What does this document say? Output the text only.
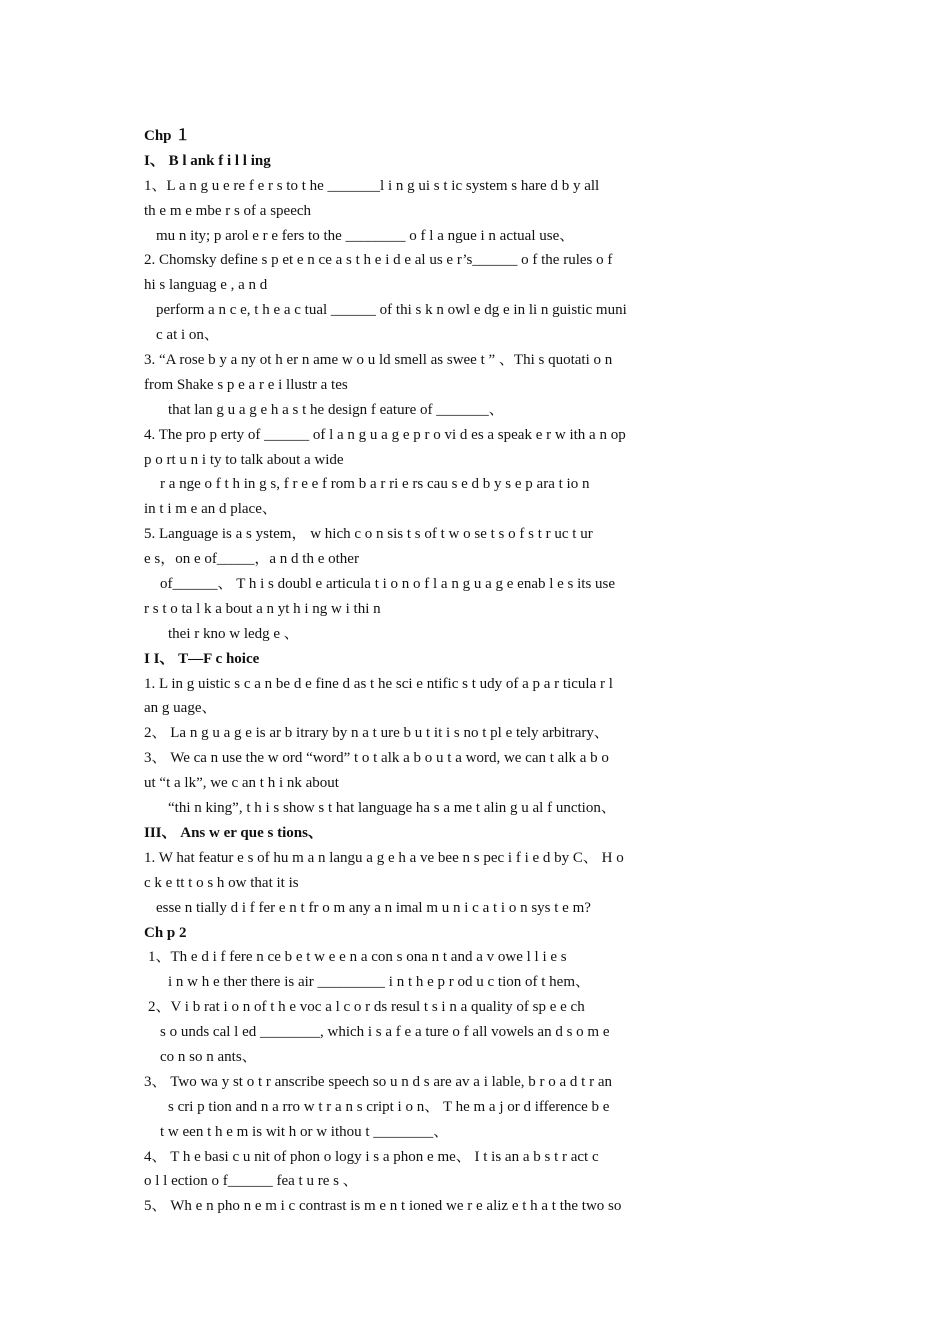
Chp １
I、 B l ank f i l l ing
1、L a n g u e re f e r s to t he _______l i n g ui s t ic system s hare d b y all
th e m e mbe r s of a speech
mu n ity; p arol e r e fers to the ________ o f l a ngue i n actual use、
2. Chomsky define s p et e n ce a s t h e i d e al us e r’s______ o f the rules o f
hi s languag e , a n d
perform a n c e, t h e a c tual ______ of thi s k n owl e dg e in li n guistic muni
c at i on、
3. “A rose b y a ny ot h er n ame w o u ld smell as swee t ” 、Thi s quotati o n
from Shake s p e a r e i llustr a tes
that lan g u a g e h a s t he design f eature of _______、
4. The pro p erty of ______ of l a n g u a g e p r o vi d es a speak e r w ith a n op
p o rt u n i ty to talk about a wide
r a nge o f t h in g s, f r e e f rom b a r ri e rs cau s e d b y s e p ara t io n
in t i m e an d place、
5. Language is a s ystem， w hich c o n sis t s of t w o se t s o f s t r uc t ur
e s，on e of_____，a n d th e other
of______、 T h i s doubl e articula t i o n o f l a n g u a g e enab l e s its use
r s t o ta l k a bout a n yt h i ng w i thi n
thei r kno w ledg e 、
I I、 T—F c hoice
1. L in g uistic s c a n be d e fine d as t he sci e ntific s t udy of a p a r ticula r l
an g uage、
2、 La n g u a g e is ar b itrary by n a t ure b u t it i s no t pl e tely arbitrary、
3、 We ca n use the w ord “word” t o t alk a b o u t a word, we can t alk a b o
ut “t a lk”, we c an t h i nk about
“thi n king”, t h i s show s t hat language ha s a me t alin g u al f unction、
III、 Ans w er que s tions、
1. W hat featur e s of hu m a n langu a g e h a ve bee n s pec i f i e d by C、 H o
c k e tt t o s h ow that it is
esse n tially d i f fer e n t fr o m any a n imal m u n i c a t i o n sys t e m?
Ch p 2
1、Th e d i f fere n ce b e t w e e n a con s ona n t and a v owe l l i e s
i n w h e ther there is air _________ i n t h e p r od u c tion of t hem、
2、V i b rat i o n of t h e voc a l c o r ds resul t s i n a quality of sp e e ch
s o unds cal l ed ________, which i s a f e a ture o f all vowels an d s o m e
co n so n ants、
3、 Two wa y st o t r anscribe speech so u n d s are av a i lable, b r o a d t r an
s cri p tion and n a rro w t r a n s cript i o n、 T he m a j or d ifference b e
t w een t h e m is wit h or w ithou t ________、
4、 T h e basi c u nit of phon o logy i s a phon e me、 I t is an a b s t r act c
o l l ection o f______ fea t u re s 、
5、 Wh e n pho n e m i c contrast is m e n t ioned we r e aliz e t h a t the two so
